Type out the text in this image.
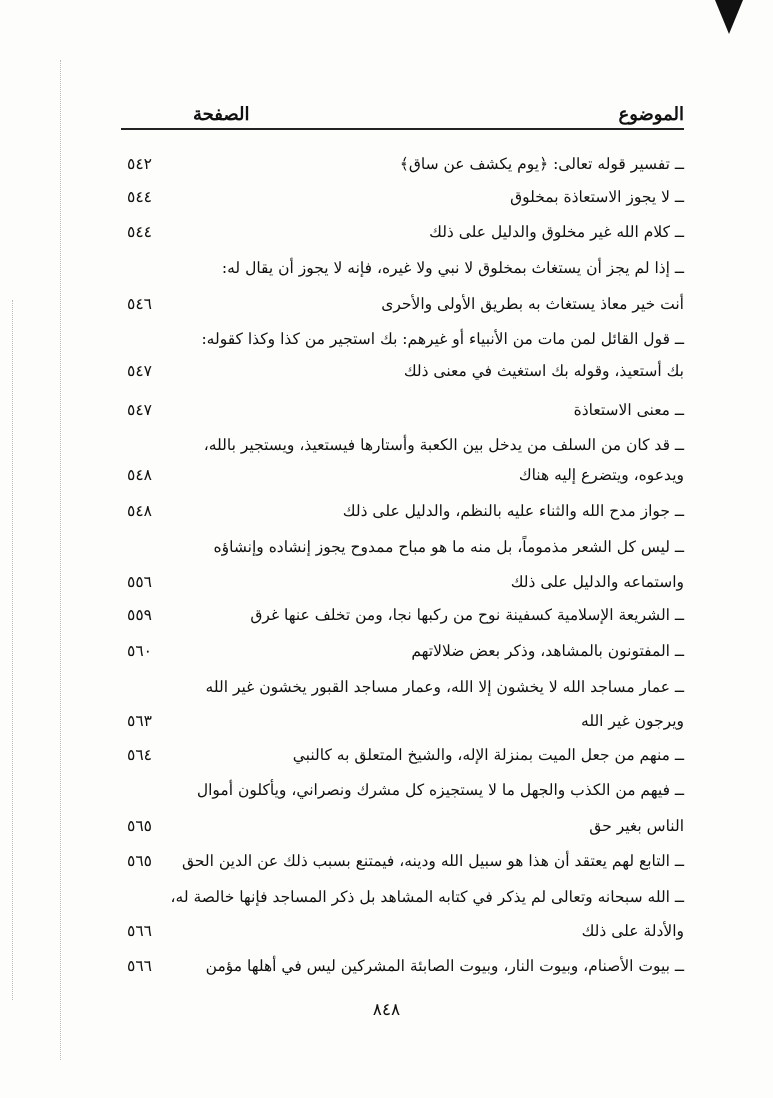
الموضوع
الصفحة
ــ تفسير قوله تعالى: ﴿يوم يكشف عن ساق﴾
٥٤٢
ــ لا يجوز الاستعاذة بمخلوق
٥٤٤
ــ كلام الله غير مخلوق والدليل على ذلك
٥٤٤
ــ إذا لم يجز أن يستغاث بمخلوق لا نبي ولا غيره، فإنه لا يجوز أن يقال له:
أنت خير معاذ يستغاث به بطريق الأولى والأحرى
٥٤٦
ــ قول القائل لمن مات من الأنبياء أو غيرهم: بك استجير من كذا وكذا كقوله:
بك أستعيذ، وقوله بك استغيث في معنى ذلك
٥٤٧
ــ معنى الاستعاذة
٥٤٧
ــ قد كان من السلف من يدخل بين الكعبة وأستارها فيستعيذ، ويستجير بالله،
ويدعوه، ويتضرع إليه هناك
٥٤٨
ــ جواز مدح الله والثناء عليه بالنظم، والدليل على ذلك
٥٤٨
ــ ليس كل الشعر مذموماً، بل منه ما هو مباح ممدوح يجوز إنشاده وإنشاؤه
واستماعه والدليل على ذلك
٥٥٦
ــ الشريعة الإسلامية كسفينة نوح من ركبها نجا، ومن تخلف عنها غرق
٥٥٩
ــ المفتونون بالمشاهد، وذكر بعض ضلالاتهم
٥٦٠
ــ عمار مساجد الله لا يخشون إلا الله، وعمار مساجد القبور يخشون غير الله
ويرجون غير الله
٥٦٣
ــ منهم من جعل الميت بمنزلة الإله، والشيخ المتعلق به كالنبي
٥٦٤
ــ فيهم من الكذب والجهل ما لا يستجيزه كل مشرك ونصراني، ويأكلون أموال
الناس بغير حق
٥٦٥
ــ التابع لهم يعتقد أن هذا هو سبيل الله ودينه، فيمتنع بسبب ذلك عن الدين الحق
٥٦٥
ــ الله سبحانه وتعالى لم يذكر في كتابه المشاهد بل ذكر المساجد فإنها خالصة له،
والأدلة على ذلك
٥٦٦
ــ بيوت الأصنام، وبيوت النار، وبيوت الصابئة المشركين ليس في أهلها مؤمن
٥٦٦
٨٤٨
